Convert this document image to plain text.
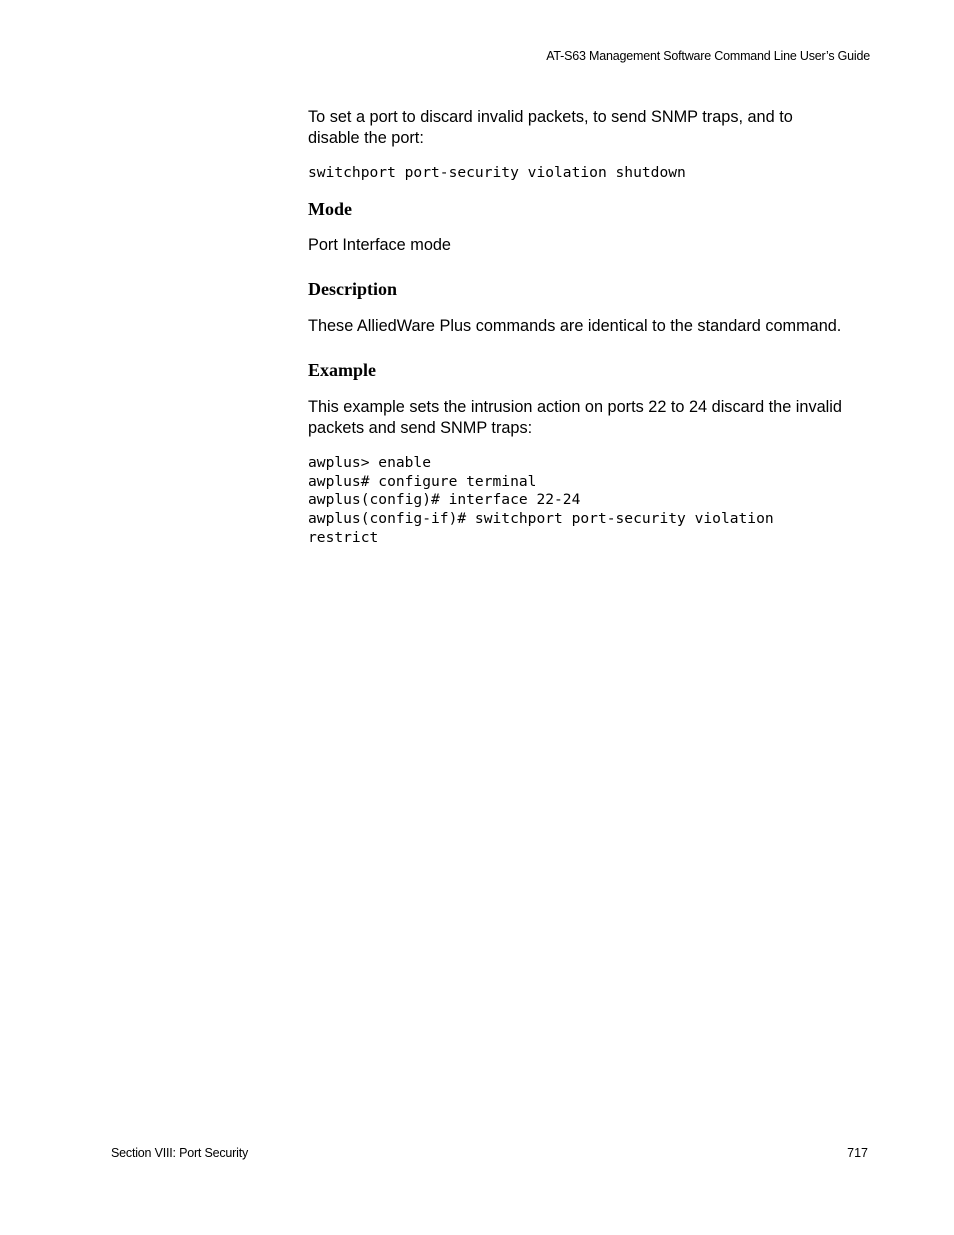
AT-S63 Management Software Command Line User’s Guide

To set a port to discard invalid packets, to send SNMP traps, and to disable the port:

switchport port-security violation shutdown
Mode

Port Interface mode

Description

These AlliedWare Plus commands are identical to the standard command.

Example

This example sets the intrusion action on ports 22 to 24 discard the invalid packets and send SNMP traps:

awplus> enable
awplus# configure terminal
awplus(config)# interface 22-24
awplus(config-if)# switchport port-security violation
restrict
Section VIII: Port Security	717
